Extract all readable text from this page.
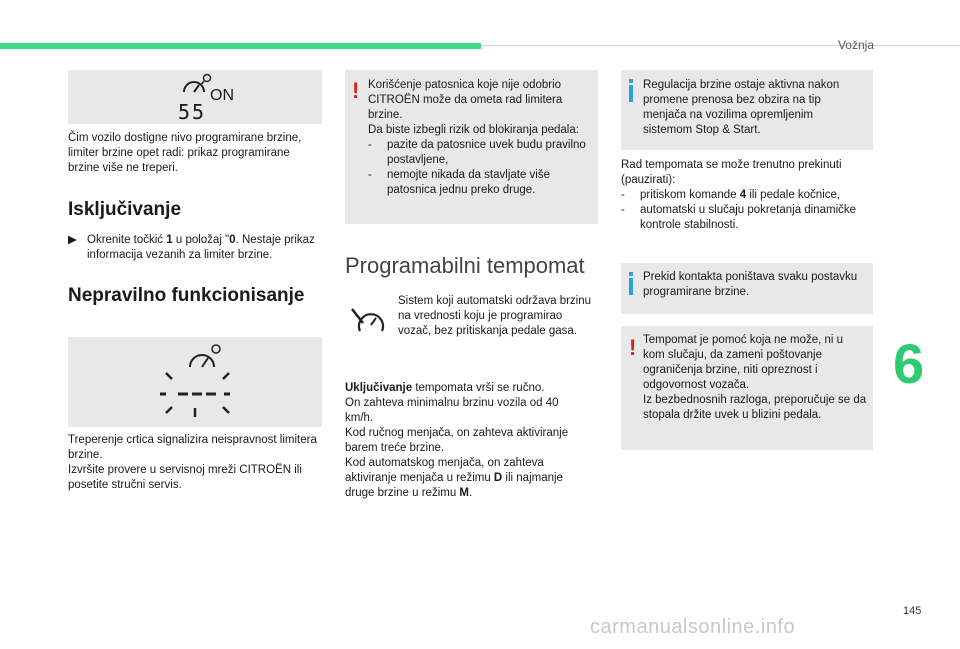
Vožnja
6
145
carmanualsonline.info
ON
55

Čim vozilo dostigne nivo programirane brzine, limiter brzine opet radi: prikaz programirane brzine više ne treperi.

Isključivanje
▶ Okrenite točkić 1 u položaj "0. Nestaje prikaz informacija vezanih za limiter brzine.
Nepravilno funkcionisanje

Treperenje crtica signalizira neispravnost limitera brzine.

Izvršite provere u servisnoj mreži CITROËN ili posetite stručni servis.

! Korišćenje patosnica koje nije odobrio CITROËN može da ometa rad limitera brzine.

Da biste izbegli rizik od blokiranja pedala:

-	pazite da patosnice uvek budu pravilno postavljene,
-	nemojte nikada da stavljate više patosnica jednu preko druge.
Programabilni tempomat

Sistem koji automatski održava brzinu na vrednosti koju je programirao vozač, bez pritiskanja pedale gasa.

Uključivanje tempomata vrši se ručno.

On zahteva minimalnu brzinu vozila od 40 km/h.

Kod ručnog menjača, on zahteva aktiviranje barem treće brzine.

Kod automatskog menjača, on zahteva aktiviranje menjača u režimu D ili najmanje druge brzine u režimu M.

Regulacija brzine ostaje aktivna nakon promene prenosa bez obzira na tip menjača na vozilima opremljenim sistemom Stop & Start.

Rad tempomata se može trenutno prekinuti (pauzirati):

-	pritiskom komande 4 ili pedale kočnice,
-	automatski u slučaju pokretanja dinamičke kontrole stabilnosti.

Prekid kontakta poništava svaku postavku programirane brzine.

! Tempomat je pomoć koja ne može, ni u kom slučaju, da zameni poštovanje ograničenja brzine, niti opreznost i odgovornost vozača.

Iz bezbednosnih razloga, preporučuje se da stopala držite uvek u blizini pedala.
